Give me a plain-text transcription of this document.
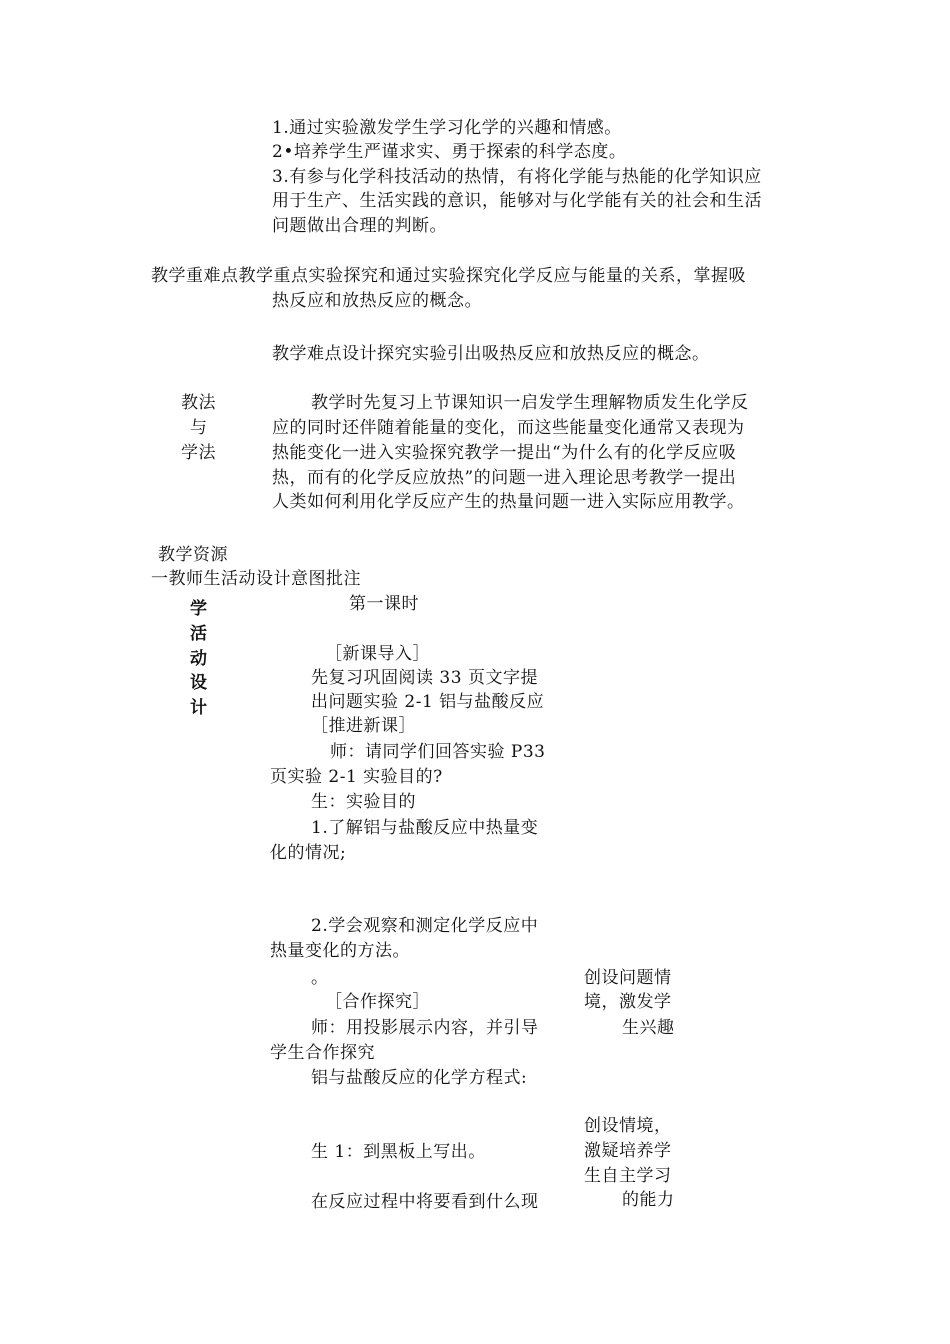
1.通过实验激发学生学习化学的兴趣和情感。
2•培养学生严谨求实、勇于探索的科学态度。
3.有参与化学科技活动的热情，有将化学能与热能的化学知识应
用于生产、生活实践的意识，能够对与化学能有关的社会和生活
问题做出合理的判断。
教学重难点教学重点实验探究和通过实验探究化学反应与能量的关系，掌握吸
热反应和放热反应的概念。
教学难点设计探究实验引出吸热反应和放热反应的概念。
教法
与
学法
教学时先复习上节课知识一启发学生理解物质发生化学反
应的同时还伴随着能量的变化，而这些能量变化通常又表现为
热能变化一进入实验探究教学一提出“为什么有的化学反应吸
热，而有的化学反应放热”的问题一进入理论思考教学一提出
人类如何利用化学反应产生的热量问题一进入实际应用教学。
教学资源
一教师生活动设计意图批注
学
活
动
设
计
第一课时
［新课导入］
先复习巩固阅读 33 页文字提
出问题实验 2-1 铝与盐酸反应
［推进新课］
师：请同学们回答实验 P33
页实验 2-1 实验目的?
生：实验目的
1.了解铝与盐酸反应中热量变
化的情况;
2.学会观察和测定化学反应中
热量变化的方法。
。
［合作探究］
师：用投影展示内容，并引导
学生合作探究
铝与盐酸反应的化学方程式:
生 1：到黑板上写出。
在反应过程中将要看到什么现
创设问题情
境，激发学
生兴趣
创设情境，
激疑培养学
生自主学习
的能力
